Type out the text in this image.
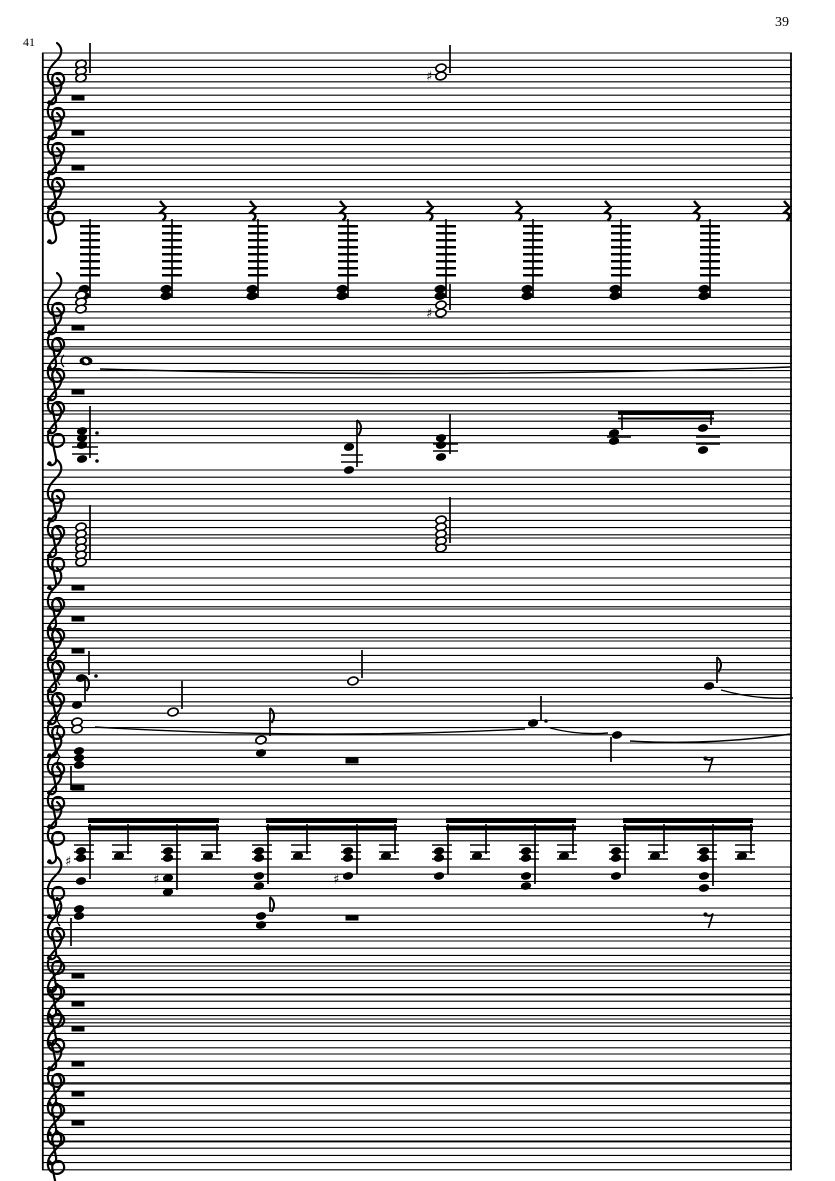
41
39
♯
♯
♯
♯	♯
